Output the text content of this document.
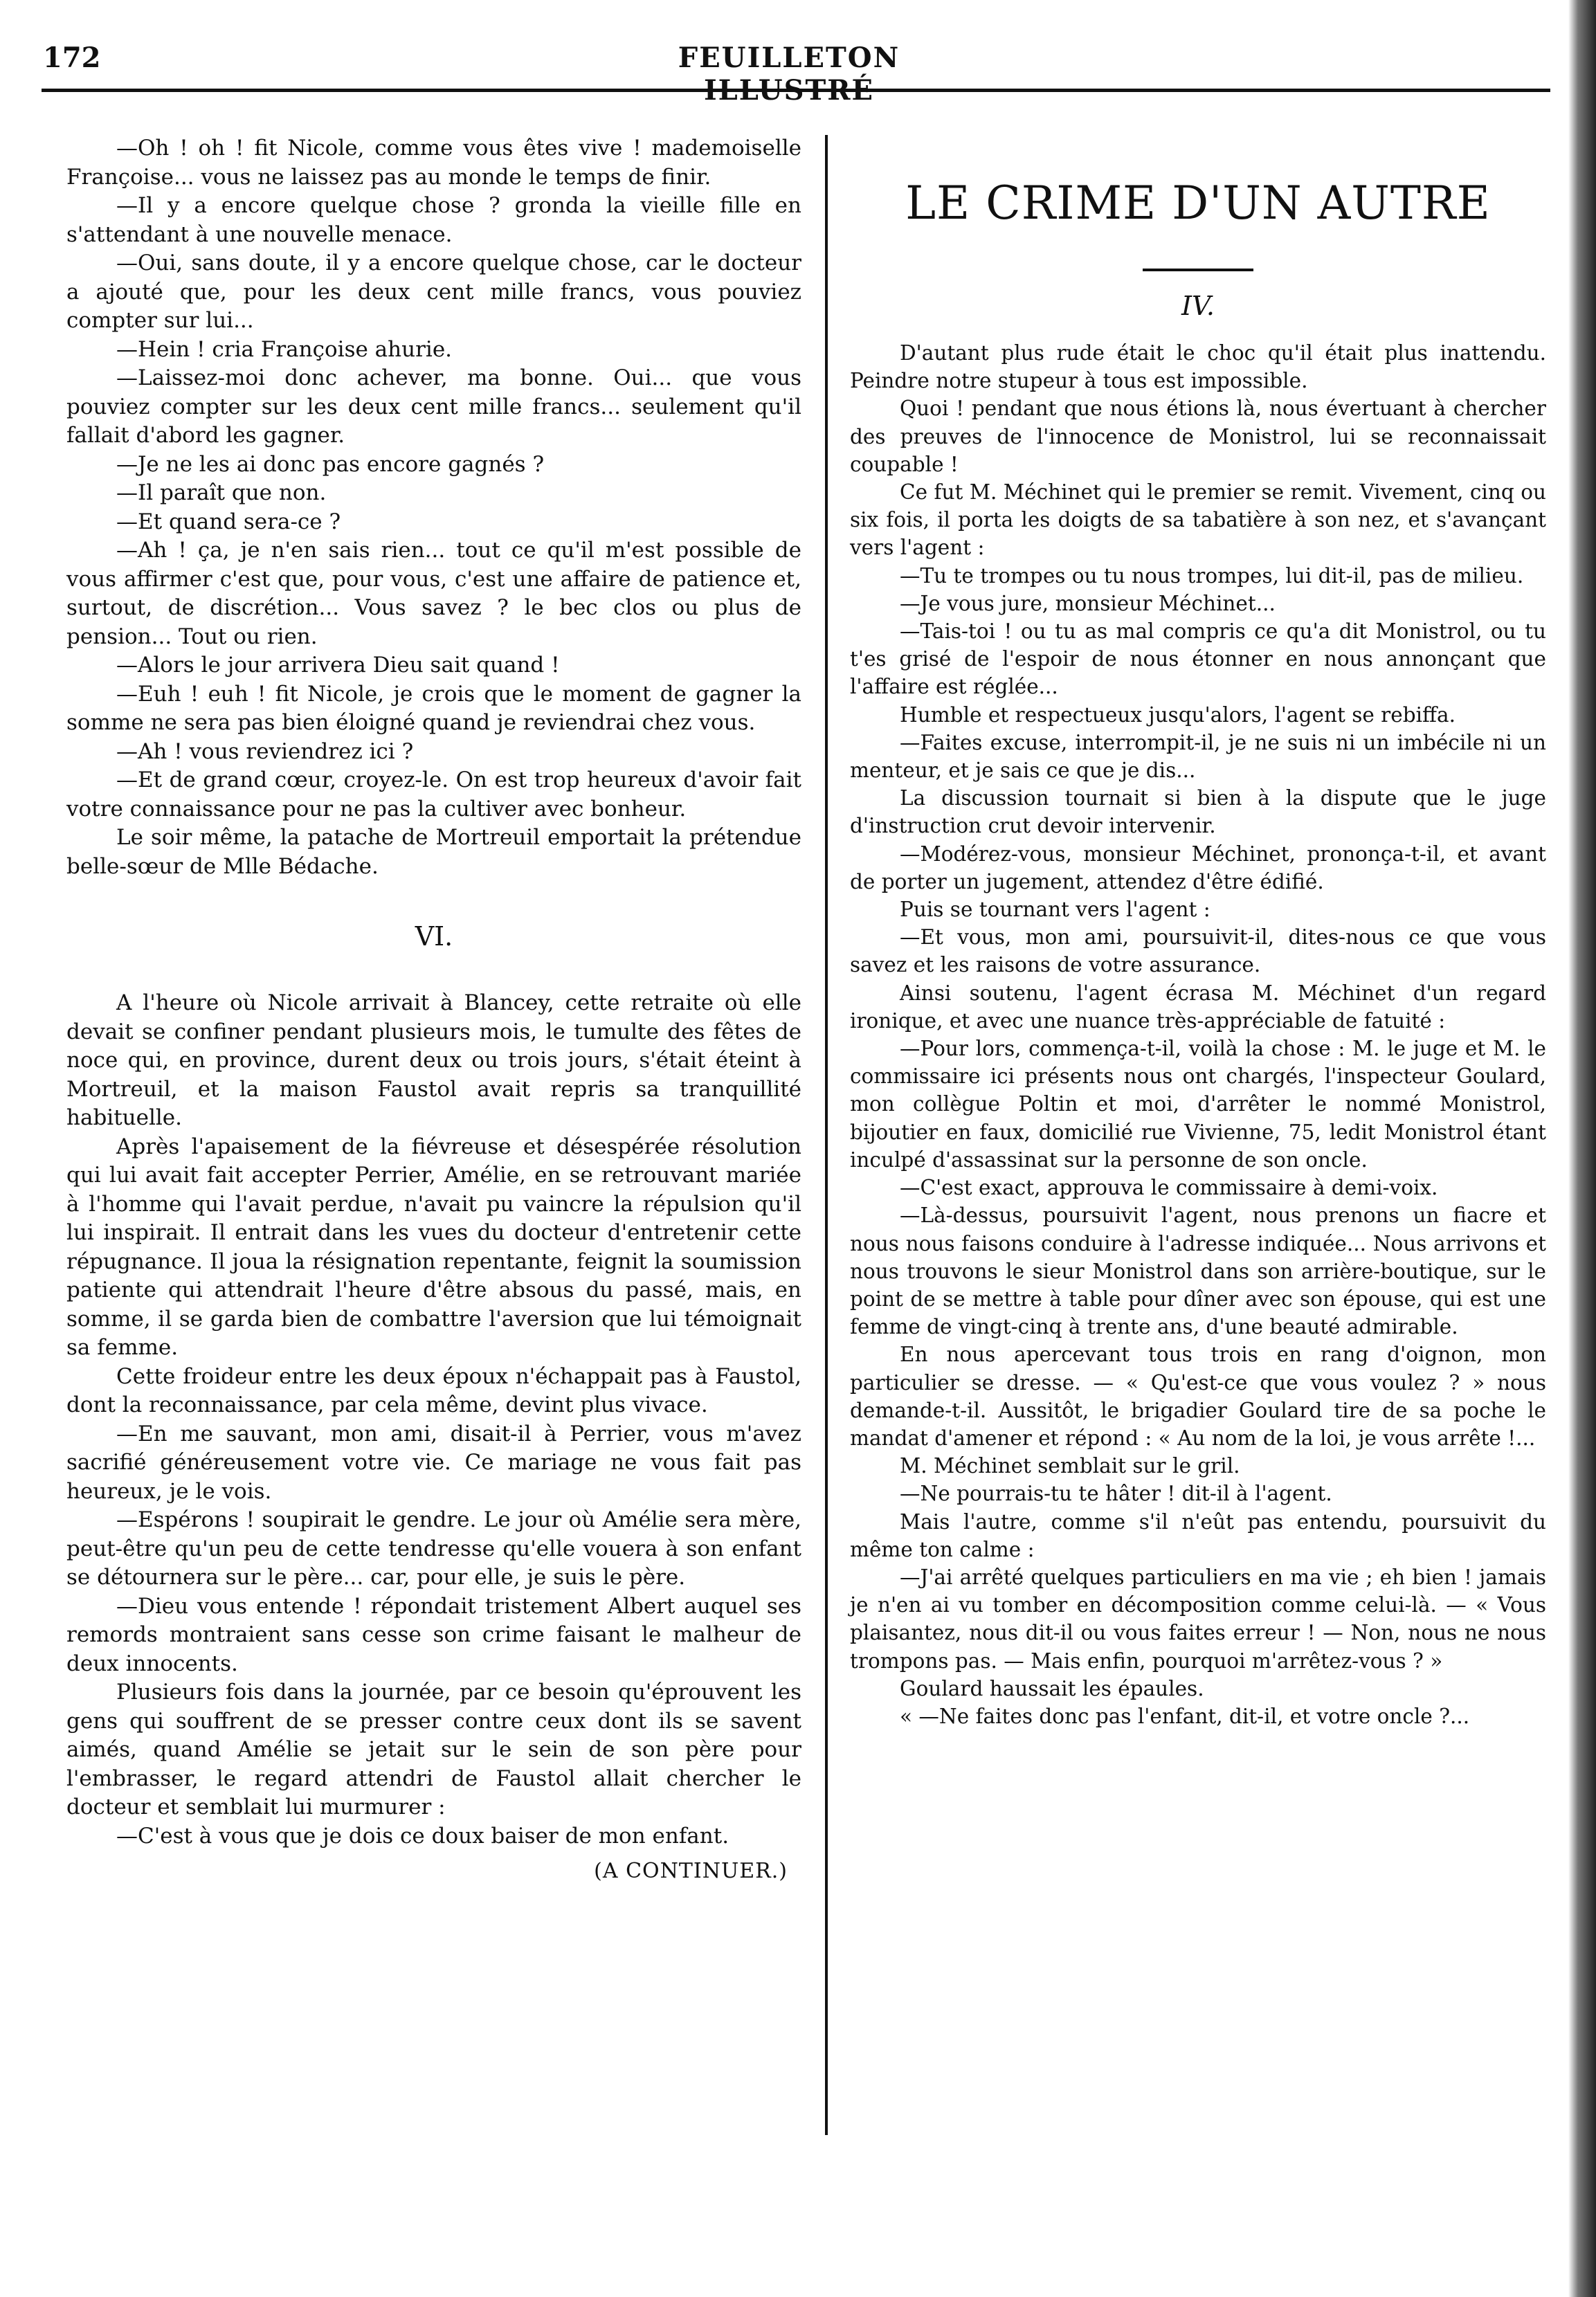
172	FEUILLETON ILLUSTRÉ

—Oh ! oh ! fit Nicole, comme vous êtes vive ! mademoiselle Françoise... vous ne laissez pas au monde le temps de finir.

—Il y a encore quelque chose ? gronda la vieille fille en s'attendant à une nouvelle menace.

—Oui, sans doute, il y a encore quelque chose, car le docteur a ajouté que, pour les deux cent mille francs, vous pouviez compter sur lui...

—Hein ! cria Françoise ahurie.

—Laissez-moi donc achever, ma bonne. Oui... que vous pouviez compter sur les deux cent mille francs... seulement qu'il fallait d'abord les gagner.

—Je ne les ai donc pas encore gagnés ?

—Il paraît que non.

—Et quand sera-ce ?

—Ah ! ça, je n'en sais rien... tout ce qu'il m'est possible de vous affirmer c'est que, pour vous, c'est une affaire de patience et, surtout, de discrétion... Vous savez ? le bec clos ou plus de pension... Tout ou rien.

—Alors le jour arrivera Dieu sait quand !

—Euh ! euh ! fit Nicole, je crois que le moment de gagner la somme ne sera pas bien éloigné quand je reviendrai chez vous.

—Ah ! vous reviendrez ici ?

—Et de grand cœur, croyez-le. On est trop heureux d'avoir fait votre connaissance pour ne pas la cultiver avec bonheur.

Le soir même, la patache de Mortreuil emportait la prétendue belle-sœur de Mlle Bédache.

VI.

A l'heure où Nicole arrivait à Blancey, cette retraite où elle devait se confiner pendant plusieurs mois, le tumulte des fêtes de noce qui, en province, durent deux ou trois jours, s'était éteint à Mortreuil, et la maison Faustol avait repris sa tranquillité habituelle.

Après l'apaisement de la fiévreuse et désespérée résolution qui lui avait fait accepter Perrier, Amélie, en se retrouvant mariée à l'homme qui l'avait perdue, n'avait pu vaincre la répulsion qu'il lui inspirait. Il entrait dans les vues du docteur d'entretenir cette répugnance. Il joua la résignation repentante, feignit la soumission patiente qui attendrait l'heure d'être absous du passé, mais, en somme, il se garda bien de combattre l'aversion que lui témoignait sa femme.

Cette froideur entre les deux époux n'échappait pas à Faustol, dont la reconnaissance, par cela même, devint plus vivace.

—En me sauvant, mon ami, disait-il à Perrier, vous m'avez sacrifié généreusement votre vie. Ce mariage ne vous fait pas heureux, je le vois.

—Espérons ! soupirait le gendre. Le jour où Amélie sera mère, peut-être qu'un peu de cette tendresse qu'elle vouera à son enfant se détournera sur le père... car, pour elle, je suis le père.

—Dieu vous entende ! répondait tristement Albert auquel ses remords montraient sans cesse son crime faisant le malheur de deux innocents.

Plusieurs fois dans la journée, par ce besoin qu'éprouvent les gens qui souffrent de se presser contre ceux dont ils se savent aimés, quand Amélie se jetait sur le sein de son père pour l'embrasser, le regard attendri de Faustol allait chercher le docteur et semblait lui murmurer :

—C'est à vous que je dois ce doux baiser de mon enfant.

(A CONTINUER.)
LE CRIME D'UN AUTRE
IV.

D'autant plus rude était le choc qu'il était plus inattendu. Peindre notre stupeur à tous est impossible.

Quoi ! pendant que nous étions là, nous évertuant à chercher des preuves de l'innocence de Monistrol, lui se reconnaissait coupable !

Ce fut M. Méchinet qui le premier se remit. Vivement, cinq ou six fois, il porta les doigts de sa tabatière à son nez, et s'avançant vers l'agent :

—Tu te trompes ou tu nous trompes, lui dit-il, pas de milieu.

—Je vous jure, monsieur Méchinet...

—Tais-toi ! ou tu as mal compris ce qu'a dit Monistrol, ou tu t'es grisé de l'espoir de nous étonner en nous annonçant que l'affaire est réglée...

Humble et respectueux jusqu'alors, l'agent se rebiffa.

—Faites excuse, interrompit-il, je ne suis ni un imbécile ni un menteur, et je sais ce que je dis...

La discussion tournait si bien à la dispute que le juge d'instruction crut devoir intervenir.

—Modérez-vous, monsieur Méchinet, prononça-t-il, et avant de porter un jugement, attendez d'être édifié.

Puis se tournant vers l'agent :

—Et vous, mon ami, poursuivit-il, dites-nous ce que vous savez et les raisons de votre assurance.

Ainsi soutenu, l'agent écrasa M. Méchinet d'un regard ironique, et avec une nuance très-appréciable de fatuité :

—Pour lors, commença-t-il, voilà la chose : M. le juge et M. le commissaire ici présents nous ont chargés, l'inspecteur Goulard, mon collègue Poltin et moi, d'arrêter le nommé Monistrol, bijoutier en faux, domicilié rue Vivienne, 75, ledit Monistrol étant inculpé d'assassinat sur la personne de son oncle.

—C'est exact, approuva le commissaire à demi-voix.

—Là-dessus, poursuivit l'agent, nous prenons un fiacre et nous nous faisons conduire à l'adresse indiquée... Nous arrivons et nous trouvons le sieur Monistrol dans son arrière-boutique, sur le point de se mettre à table pour dîner avec son épouse, qui est une femme de vingt-cinq à trente ans, d'une beauté admirable.

En nous apercevant tous trois en rang d'oignon, mon particulier se dresse. — « Qu'est-ce que vous voulez ? » nous demande-t-il. Aussitôt, le brigadier Goulard tire de sa poche le mandat d'amener et répond : « Au nom de la loi, je vous arrête !...

M. Méchinet semblait sur le gril.

—Ne pourrais-tu te hâter ! dit-il à l'agent.

Mais l'autre, comme s'il n'eût pas entendu, poursuivit du même ton calme :

—J'ai arrêté quelques particuliers en ma vie ; eh bien ! jamais je n'en ai vu tomber en décomposition comme celui-là. — « Vous plaisantez, nous dit-il ou vous faites erreur ! — Non, nous ne nous trompons pas. — Mais enfin, pourquoi m'arrêtez-vous ? »

Goulard haussait les épaules.

« —Ne faites donc pas l'enfant, dit-il, et votre oncle ?...
